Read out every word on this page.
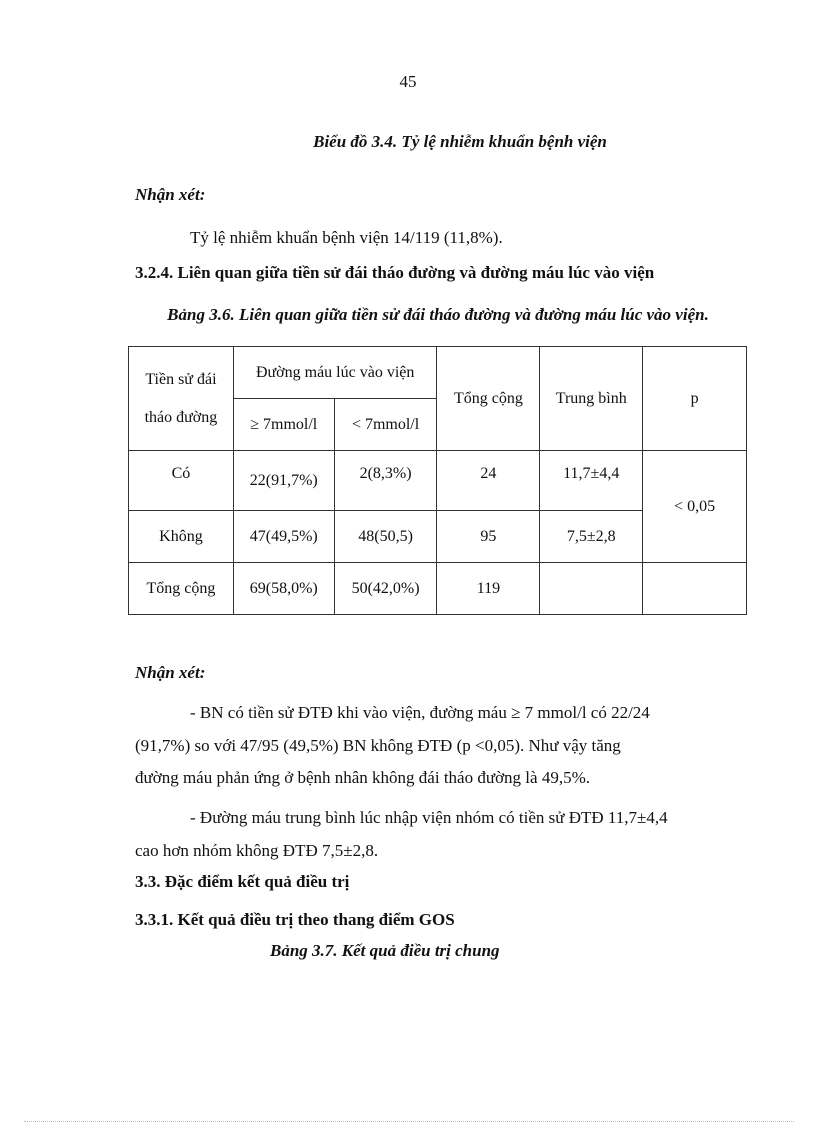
45
Biểu đồ 3.4. Tỷ lệ nhiễm khuẩn bệnh viện
Nhận xét:
Tỷ lệ nhiễm khuẩn bệnh viện 14/119 (11,8%).
3.2.4. Liên quan giữa tiền sử đái tháo đường và đường máu lúc vào viện
Bảng 3.6. Liên quan giữa tiền sử đái tháo đường và đường máu lúc vào viện.
Tiền sử đái
tháo đường	Đường máu lúc vào viện		Tổng cộng	Trung bình	p
	≥ 7mmol/l	< 7mmol/l			
Có	22(91,7%)	2(8,3%)	24	11,7±4,4	< 0,05
Không	47(49,5%)	48(50,5)	95	7,5±2,8	
Tổng cộng	69(58,0%)	50(42,0%)	119		
Nhận xét:
- BN có tiền sử ĐTĐ khi vào viện, đường máu ≥ 7 mmol/l có 22/24
(91,7%) so với 47/95 (49,5%) BN không ĐTĐ (p <0,05). Như vậy tăng
đường máu phản ứng ở bệnh nhân không đái tháo đường là 49,5%.
- Đường máu trung bình lúc nhập viện nhóm có tiền sử ĐTĐ 11,7±4,4
cao hơn nhóm không ĐTĐ 7,5±2,8.
3.3. Đặc điểm kết quả điều trị
3.3.1. Kết quả điều trị theo thang điểm GOS
Bảng 3.7. Kết quả điều trị chung
